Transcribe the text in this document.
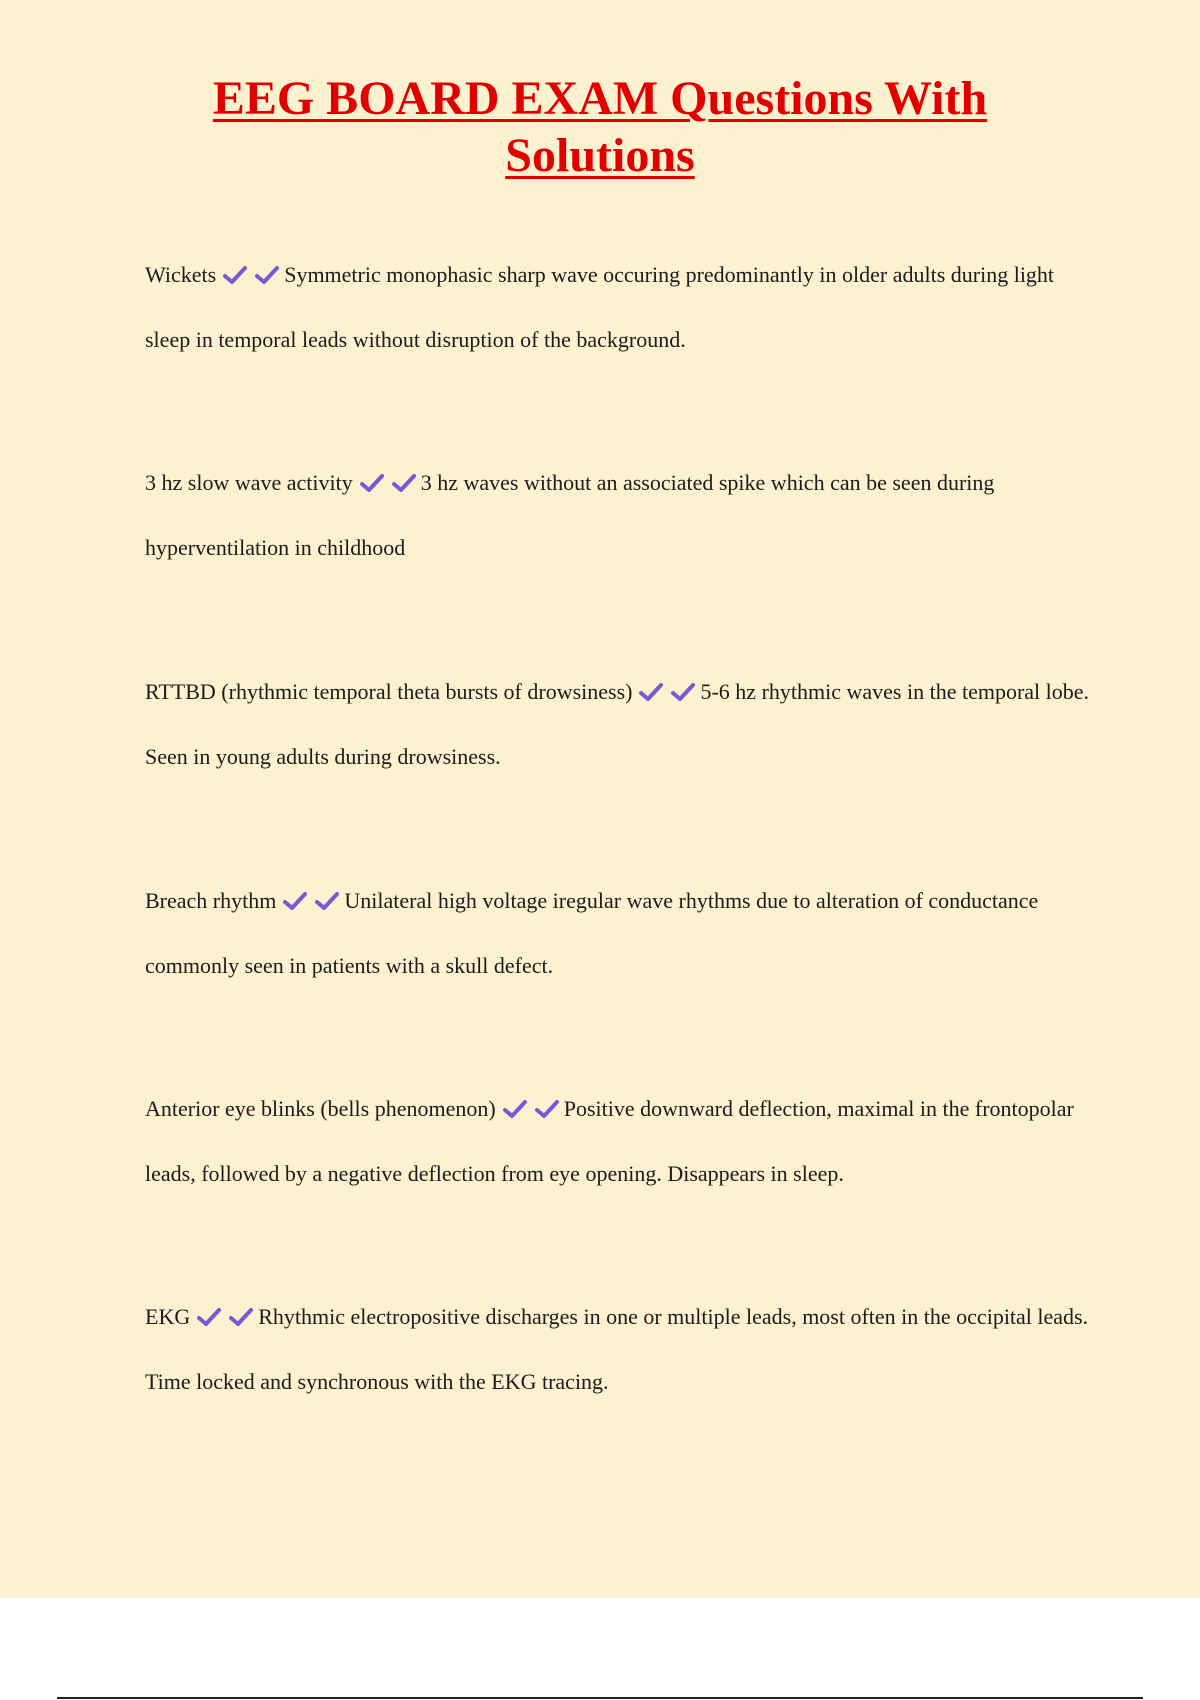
EEG BOARD EXAM Questions With Solutions
Wickets	Symmetric monophasic sharp wave occuring predominantly in older adults during light sleep in temporal leads without disruption of the background.
3 hz slow wave activity	3 hz waves without an associated spike which can be seen during hyperventilation in childhood
RTTBD (rhythmic temporal theta bursts of drowsiness)	5-6 hz rhythmic waves in the temporal lobe. Seen in young adults during drowsiness.
Breach rhythm	Unilateral high voltage iregular wave rhythms due to alteration of conductance commonly seen in patients with a skull defect.
Anterior eye blinks (bells phenomenon)	Positive downward deflection, maximal in the frontopolar leads, followed by a negative deflection from eye opening. Disappears in sleep.
EKG	Rhythmic electropositive discharges in one or multiple leads, most often in the occipital leads. Time locked and synchronous with the EKG tracing.
